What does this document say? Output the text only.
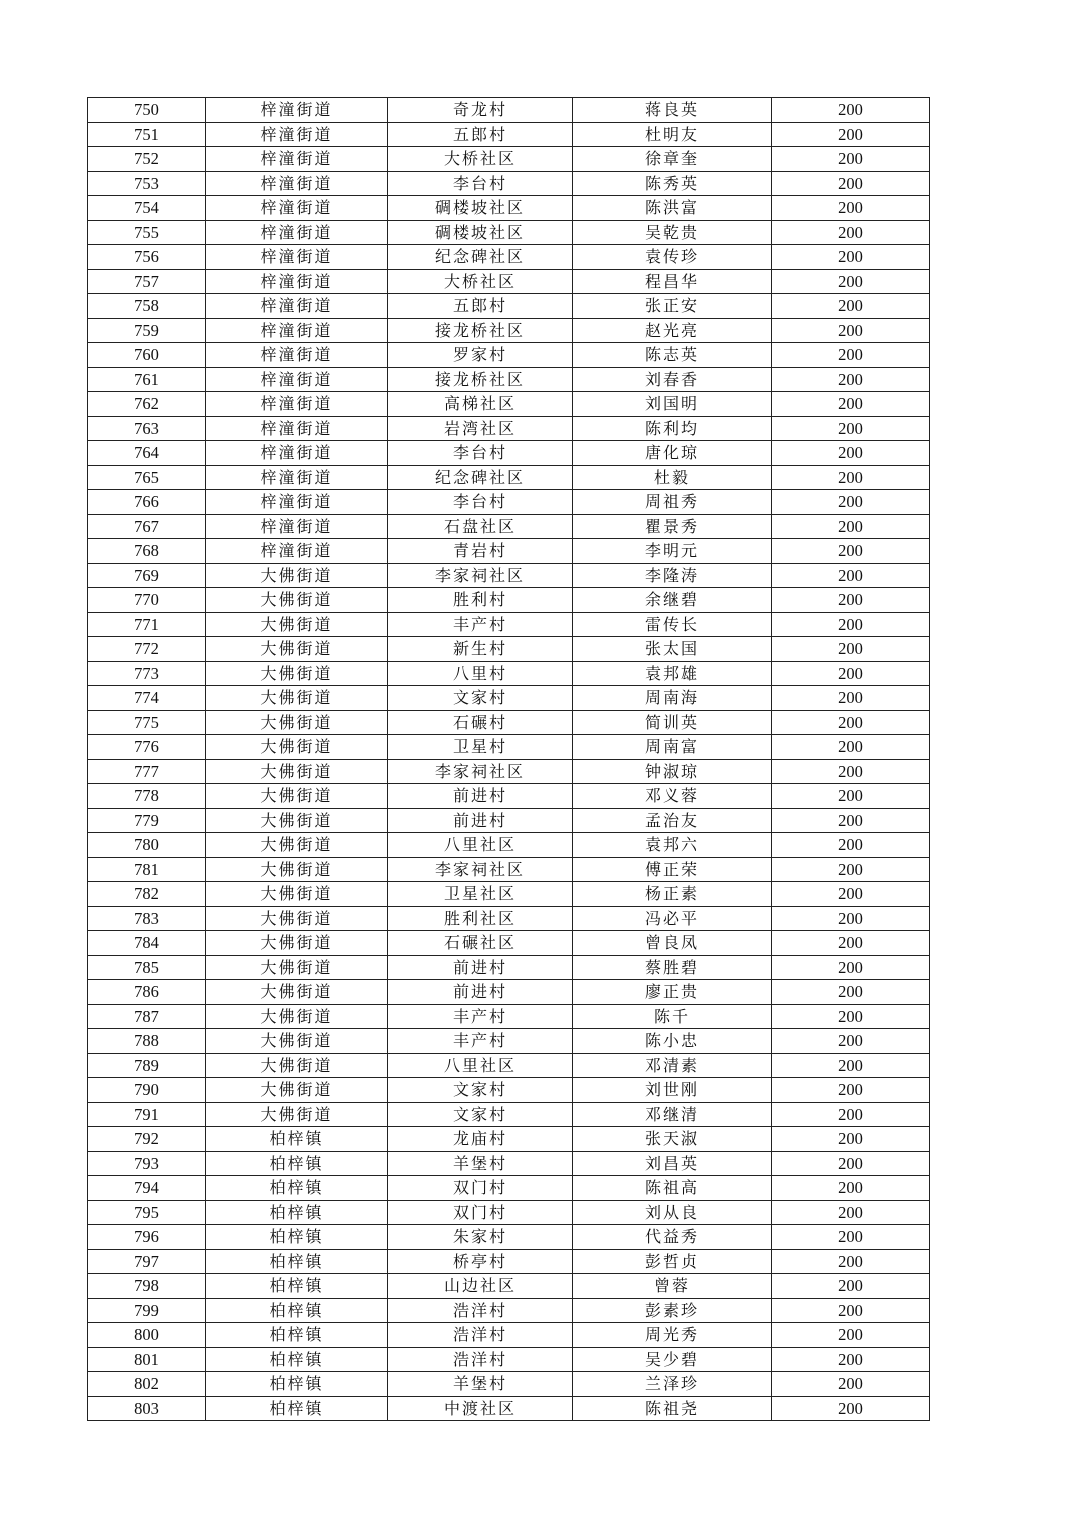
750	梓潼街道	奇龙村	蒋良英	200
751	梓潼街道	五郎村	杜明友	200
752	梓潼街道	大桥社区	徐章奎	200
753	梓潼街道	李台村	陈秀英	200
754	梓潼街道	碉楼坡社区	陈洪富	200
755	梓潼街道	碉楼坡社区	吴乾贵	200
756	梓潼街道	纪念碑社区	袁传珍	200
757	梓潼街道	大桥社区	程昌华	200
758	梓潼街道	五郎村	张正安	200
759	梓潼街道	接龙桥社区	赵光亮	200
760	梓潼街道	罗家村	陈志英	200
761	梓潼街道	接龙桥社区	刘春香	200
762	梓潼街道	高梯社区	刘国明	200
763	梓潼街道	岩湾社区	陈利均	200
764	梓潼街道	李台村	唐化琼	200
765	梓潼街道	纪念碑社区	杜毅	200
766	梓潼街道	李台村	周祖秀	200
767	梓潼街道	石盘社区	瞿景秀	200
768	梓潼街道	青岩村	李明元	200
769	大佛街道	李家祠社区	李隆涛	200
770	大佛街道	胜利村	余继碧	200
771	大佛街道	丰产村	雷传长	200
772	大佛街道	新生村	张太国	200
773	大佛街道	八里村	袁邦雄	200
774	大佛街道	文家村	周南海	200
775	大佛街道	石碾村	简训英	200
776	大佛街道	卫星村	周南富	200
777	大佛街道	李家祠社区	钟淑琼	200
778	大佛街道	前进村	邓义蓉	200
779	大佛街道	前进村	孟治友	200
780	大佛街道	八里社区	袁邦六	200
781	大佛街道	李家祠社区	傅正荣	200
782	大佛街道	卫星社区	杨正素	200
783	大佛街道	胜利社区	冯必平	200
784	大佛街道	石碾社区	曾良凤	200
785	大佛街道	前进村	蔡胜碧	200
786	大佛街道	前进村	廖正贵	200
787	大佛街道	丰产村	陈千	200
788	大佛街道	丰产村	陈小忠	200
789	大佛街道	八里社区	邓清素	200
790	大佛街道	文家村	刘世刚	200
791	大佛街道	文家村	邓继清	200
792	柏梓镇	龙庙村	张天淑	200
793	柏梓镇	羊堡村	刘昌英	200
794	柏梓镇	双门村	陈祖高	200
795	柏梓镇	双门村	刘从良	200
796	柏梓镇	朱家村	代益秀	200
797	柏梓镇	桥亭村	彭哲贞	200
798	柏梓镇	山边社区	曾蓉	200
799	柏梓镇	浩洋村	彭素珍	200
800	柏梓镇	浩洋村	周光秀	200
801	柏梓镇	浩洋村	吴少碧	200
802	柏梓镇	羊堡村	兰泽珍	200
803	柏梓镇	中渡社区	陈祖尧	200
